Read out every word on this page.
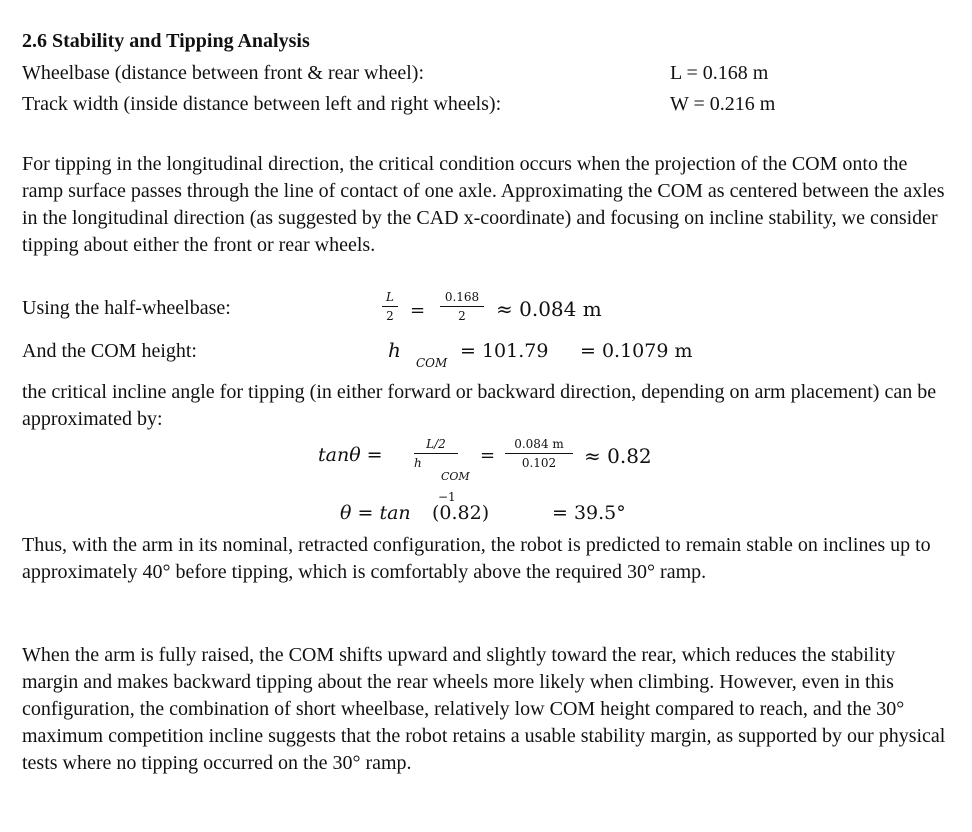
2.6 Stability and Tipping Analysis
Wheelbase (distance between front & rear wheel):	L = 0.168 m
Track width (inside distance between left and right wheels):	W = 0.216 m
For tipping in the longitudinal direction, the critical condition occurs when the projection of the COM onto the ramp surface passes through the line of contact of one axle. Approximating the COM as centered between the axles in the longitudinal direction (as suggested by the CAD x-coordinate) and focusing on incline stability, we consider tipping about either the front or rear wheels.
Using the half-wheelbase:	L
2 =
0.168
2	≈ 0.084 m
And the COM height:	h
COM
= 101.79 = 0.1079 m
the critical incline angle for tipping (in either forward or backward direction, depending on arm placement) can be approximated by:
tanθ =	L/2
h
COM
=
0.084 m
0.102	≈ 0.82
θ = tan
−1
(0.82)	= 39.5°
Thus, with the arm in its nominal, retracted configuration, the robot is predicted to remain stable on inclines up to approximately 40° before tipping, which is comfortably above the required 30° ramp.
When the arm is fully raised, the COM shifts upward and slightly toward the rear, which reduces the stability margin and makes backward tipping about the rear wheels more likely when climbing. However, even in this configuration, the combination of short wheelbase, relatively low COM height compared to reach, and the 30° maximum competition incline suggests that the robot retains a usable stability margin, as supported by our physical tests where no tipping occurred on the 30° ramp.
